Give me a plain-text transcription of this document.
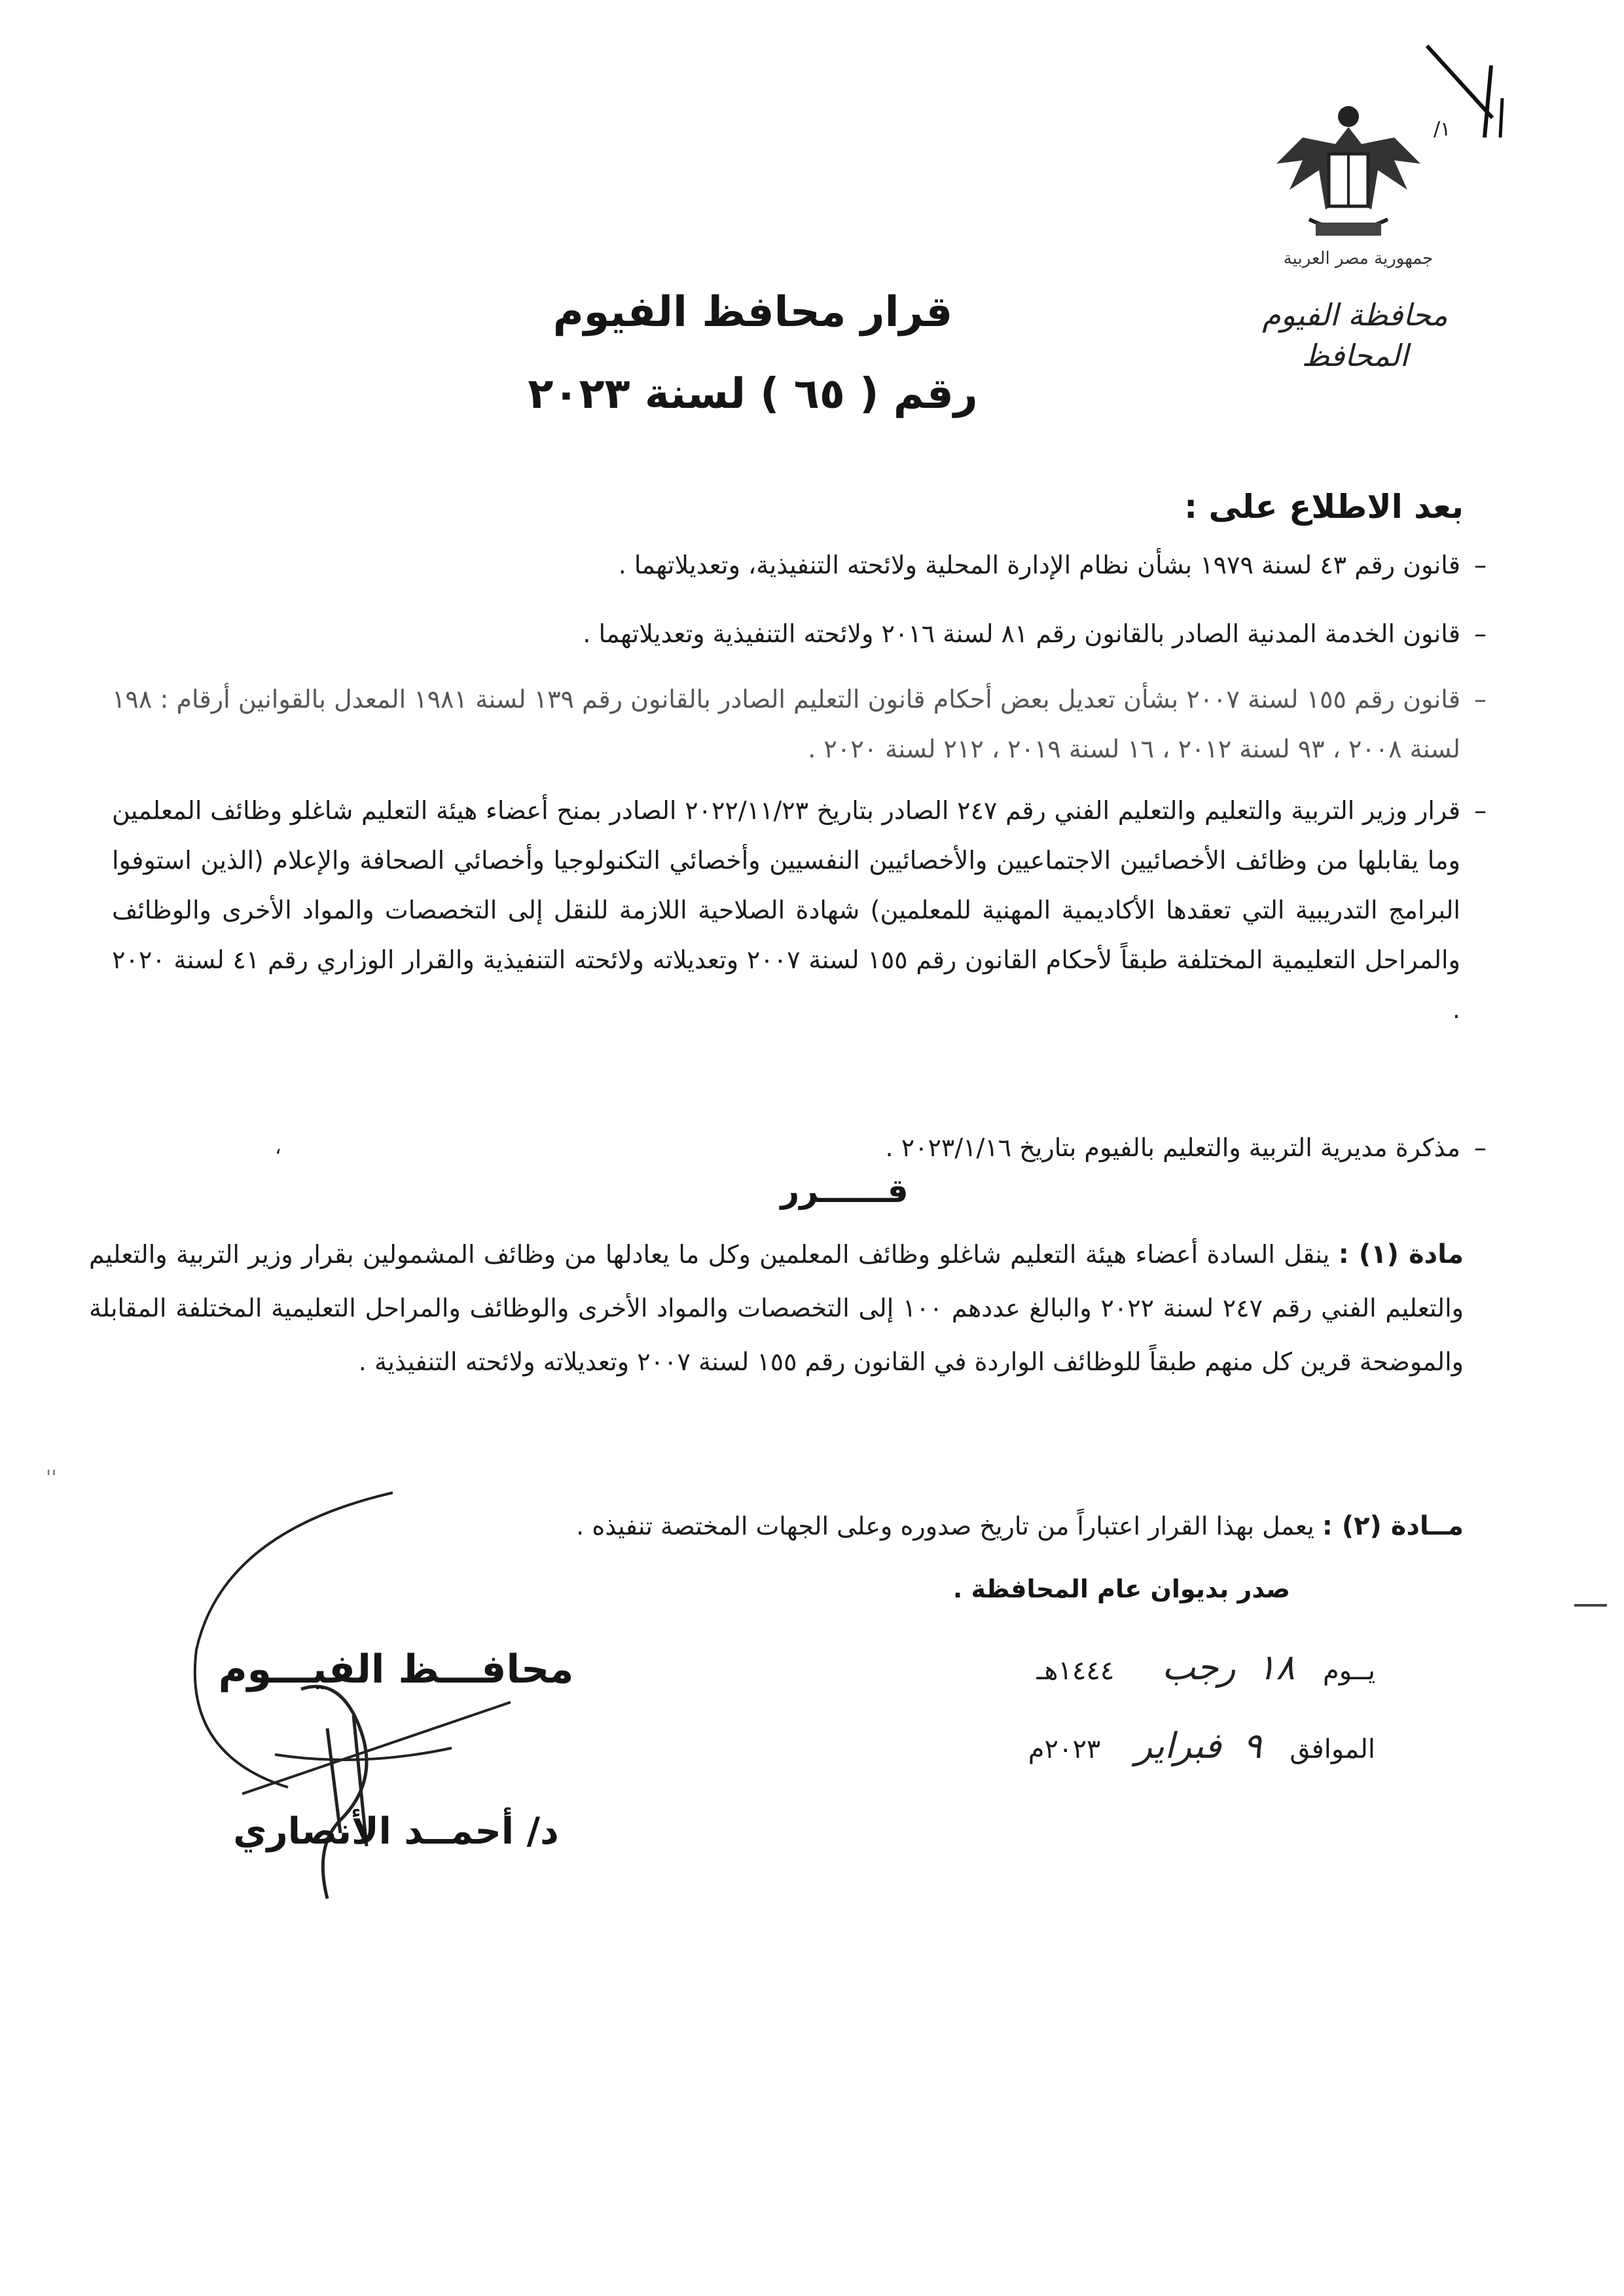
١/
جمهورية مصر العربية
محافظة الفيوم
المحافظ
قرار محافظ الفيوم
رقم ( ٦٥ ) لسنة ٢٠٢٣
بعد الاطلاع على :
–
قانون رقم ٤٣ لسنة ١٩٧٩ بشأن نظام الإدارة المحلية ولائحته التنفيذية، وتعديلاتهما .
–
قانون الخدمة المدنية الصادر بالقانون رقم ٨١ لسنة ٢٠١٦ ولائحته التنفيذية وتعديلاتهما .
–
قانون رقم ١٥٥ لسنة ٢٠٠٧ بشأن تعديل بعض أحكام قانون التعليم الصادر بالقانون رقم ١٣٩ لسنة ١٩٨١ المعدل بالقوانين أرقام : ١٩٨ لسنة ٢٠٠٨ ، ٩٣ لسنة ٢٠١٢ ، ١٦ لسنة ٢٠١٩ ، ٢١٢ لسنة ٢٠٢٠ .
–
قرار وزير التربية والتعليم والتعليم الفني رقم ٢٤٧ الصادر بتاريخ ٢٠٢٢/١١/٢٣ الصادر بمنح أعضاء هيئة التعليم شاغلو وظائف المعلمين وما يقابلها من وظائف الأخصائيين الاجتماعيين والأخصائيين النفسيين وأخصائي التكنولوجيا وأخصائي الصحافة والإعلام (الذين استوفوا البرامج التدريبية التي تعقدها الأكاديمية المهنية للمعلمين) شهادة الصلاحية اللازمة للنقل إلى التخصصات والمواد الأخرى والوظائف والمراحل التعليمية المختلفة طبقاً لأحكام القانون رقم ١٥٥ لسنة ٢٠٠٧ وتعديلاته ولائحته التنفيذية والقرار الوزاري رقم ٤١ لسنة ٢٠٢٠ .
–
مذكرة مديرية التربية والتعليم بالفيوم بتاريخ ٢٠٢٣/١/١٦ .
،
قــــــرر
مادة (١) : ينقل السادة أعضاء هيئة التعليم شاغلو وظائف المعلمين وكل ما يعادلها من وظائف المشمولين بقرار وزير التربية والتعليم والتعليم الفني رقم ٢٤٧ لسنة ٢٠٢٢ والبالغ عددهم ١٠٠ إلى التخصصات والمواد الأخرى والوظائف والمراحل التعليمية المختلفة المقابلة والموضحة قرين كل منهم طبقاً للوظائف الواردة في القانون رقم ١٥٥ لسنة ٢٠٠٧ وتعديلاته ولائحته التنفيذية .
مــادة (٢) : يعمل بهذا القرار اعتباراً من تاريخ صدوره وعلى الجهات المختصة تنفيذه .
''
صدر بديوان عام المحافظة .
يــوم ١٨ رجب ١٤٤٤هـ
الموافق ٩ فبراير ٢٠٢٣م
محافـــظ الفيـــوم
د/ أحمــد الأنصاري
